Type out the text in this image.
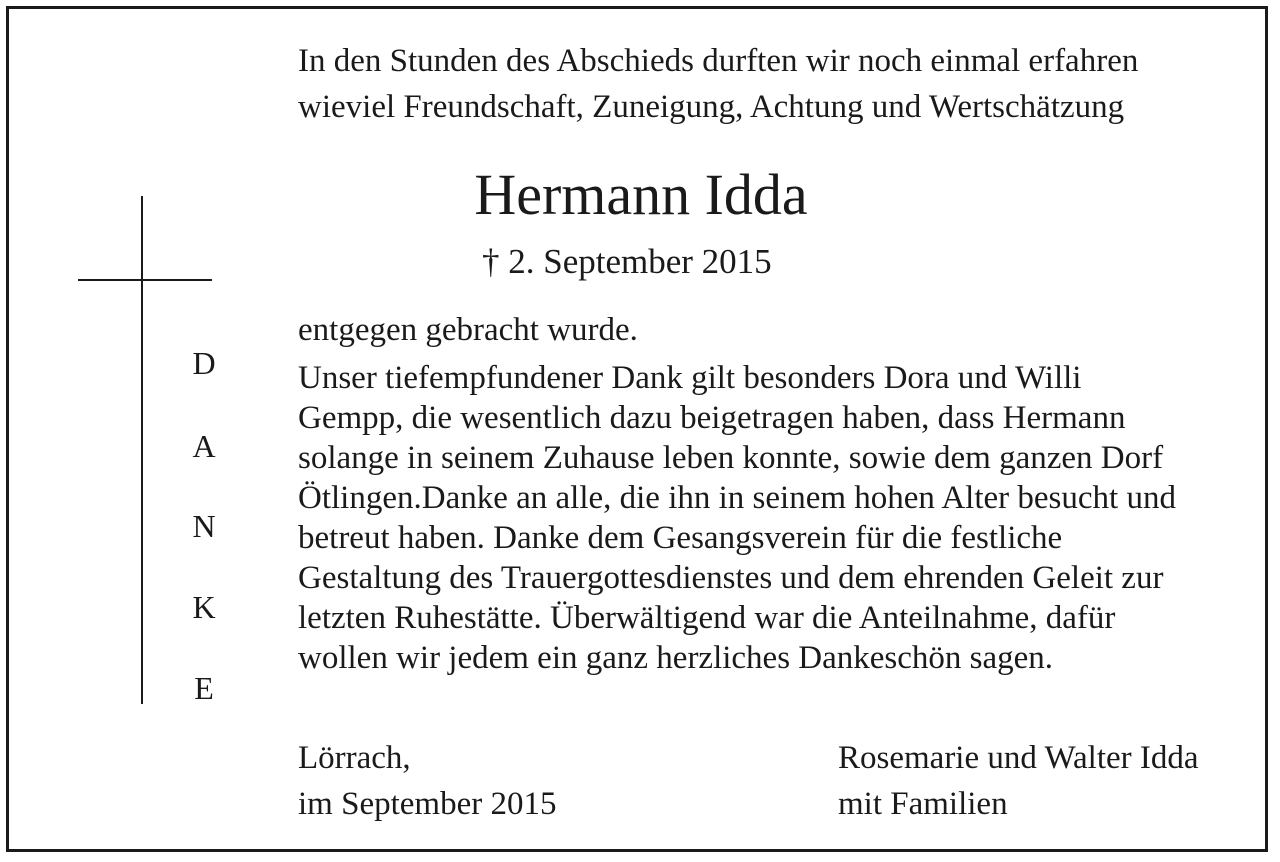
In den Stunden des Abschieds durften wir noch einmal erfahren
wieviel Freundschaft, Zuneigung, Achtung und Wertschätzung
Hermann Idda
† 2. September 2015
D
A
N
K
E
entgegen gebracht wurde.
Unser tiefempfundener Dank gilt besonders Dora und Willi
Gempp, die wesentlich dazu beigetragen haben, dass Hermann
solange in seinem Zuhause leben konnte, sowie dem ganzen Dorf
Ötlingen.Danke an alle, die ihn in seinem hohen Alter besucht und
betreut haben. Danke dem Gesangsverein für die festliche
Gestaltung des Trauergottesdienstes und dem ehrenden Geleit zur
letzten Ruhestätte. Überwältigend war die Anteilnahme, dafür
wollen wir jedem ein ganz herzliches Dankeschön sagen.
Lörrach,
im September 2015
Rosemarie und Walter Idda
mit Familien
